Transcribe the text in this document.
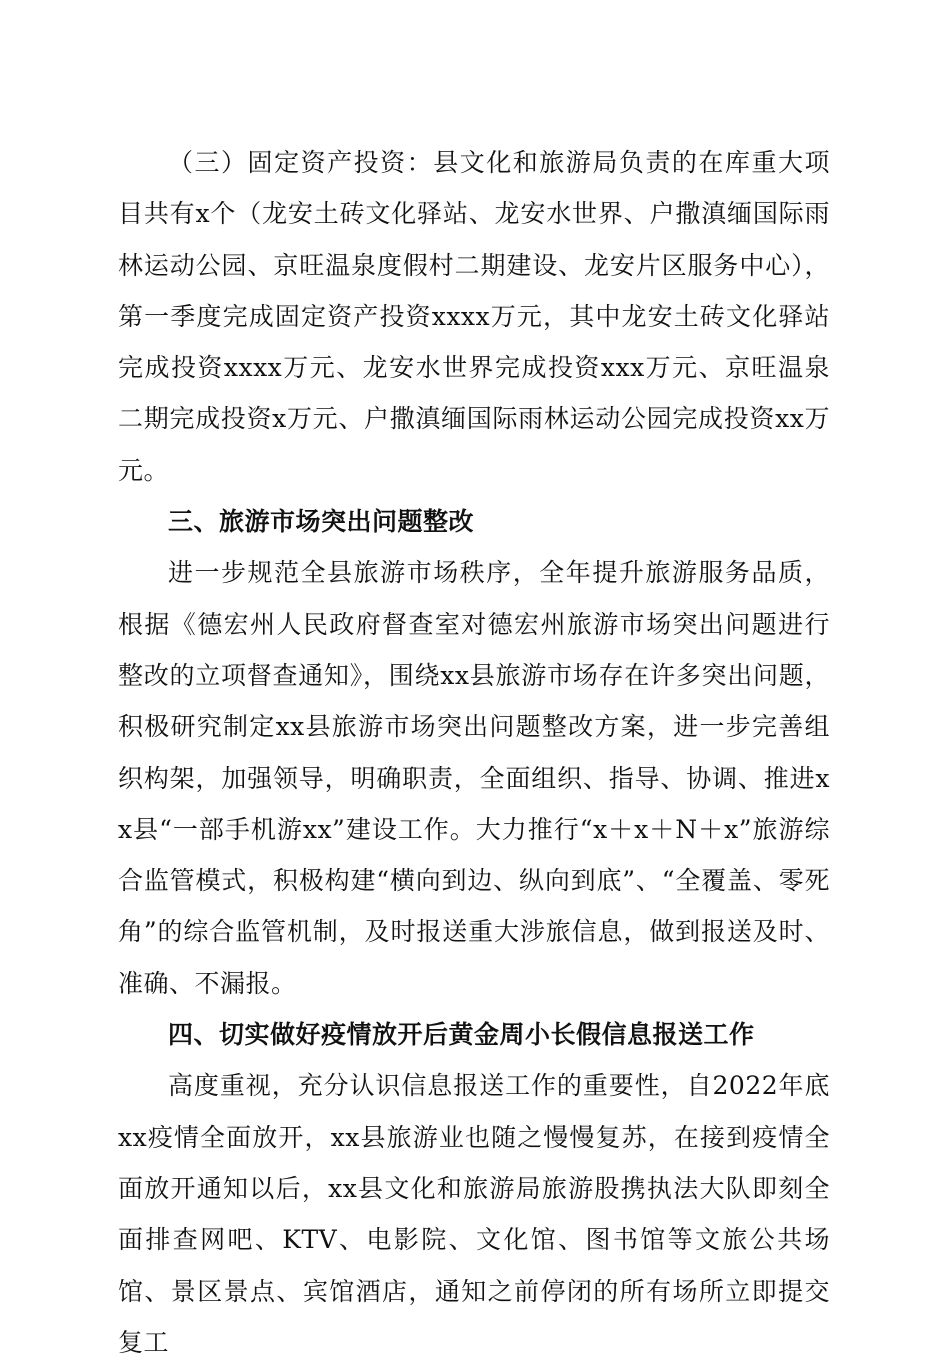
（三）固定资产投资：县文化和旅游局负责的在库重大项目共有x个（龙安土砖文化驿站、龙安水世界、户撒滇缅国际雨林运动公园、京旺温泉度假村二期建设、龙安片区服务中心），第一季度完成固定资产投资xxxx万元，其中龙安土砖文化驿站完成投资xxxx万元、龙安水世界完成投资xxx万元、京旺温泉二期完成投资x万元、户撒滇缅国际雨林运动公园完成投资xx万元。

三、旅游市场突出问题整改

进一步规范全县旅游市场秩序，全年提升旅游服务品质，根据《德宏州人民政府督查室对德宏州旅游市场突出问题进行整改的立项督查通知》，围绕xx县旅游市场存在许多突出问题，积极研究制定xx县旅游市场突出问题整改方案，进一步完善组织构架，加强领导，明确职责，全面组织、指导、协调、推进xx县“一部手机游xx”建设工作。大力推行“x＋x＋N＋x”旅游综合监管模式，积极构建“横向到边、纵向到底”、“全覆盖、零死角”的综合监管机制，及时报送重大涉旅信息，做到报送及时、准确、不漏报。

四、切实做好疫情放开后黄金周小长假信息报送工作

高度重视，充分认识信息报送工作的重要性，自2022年底xx疫情全面放开，xx县旅游业也随之慢慢复苏，在接到疫情全面放开通知以后，xx县文化和旅游局旅游股携执法大队即刻全面排查网吧、KTV、电影院、文化馆、图书馆等文旅公共场馆、景区景点、宾馆酒店，通知之前停闭的所有场所立即提交复工
